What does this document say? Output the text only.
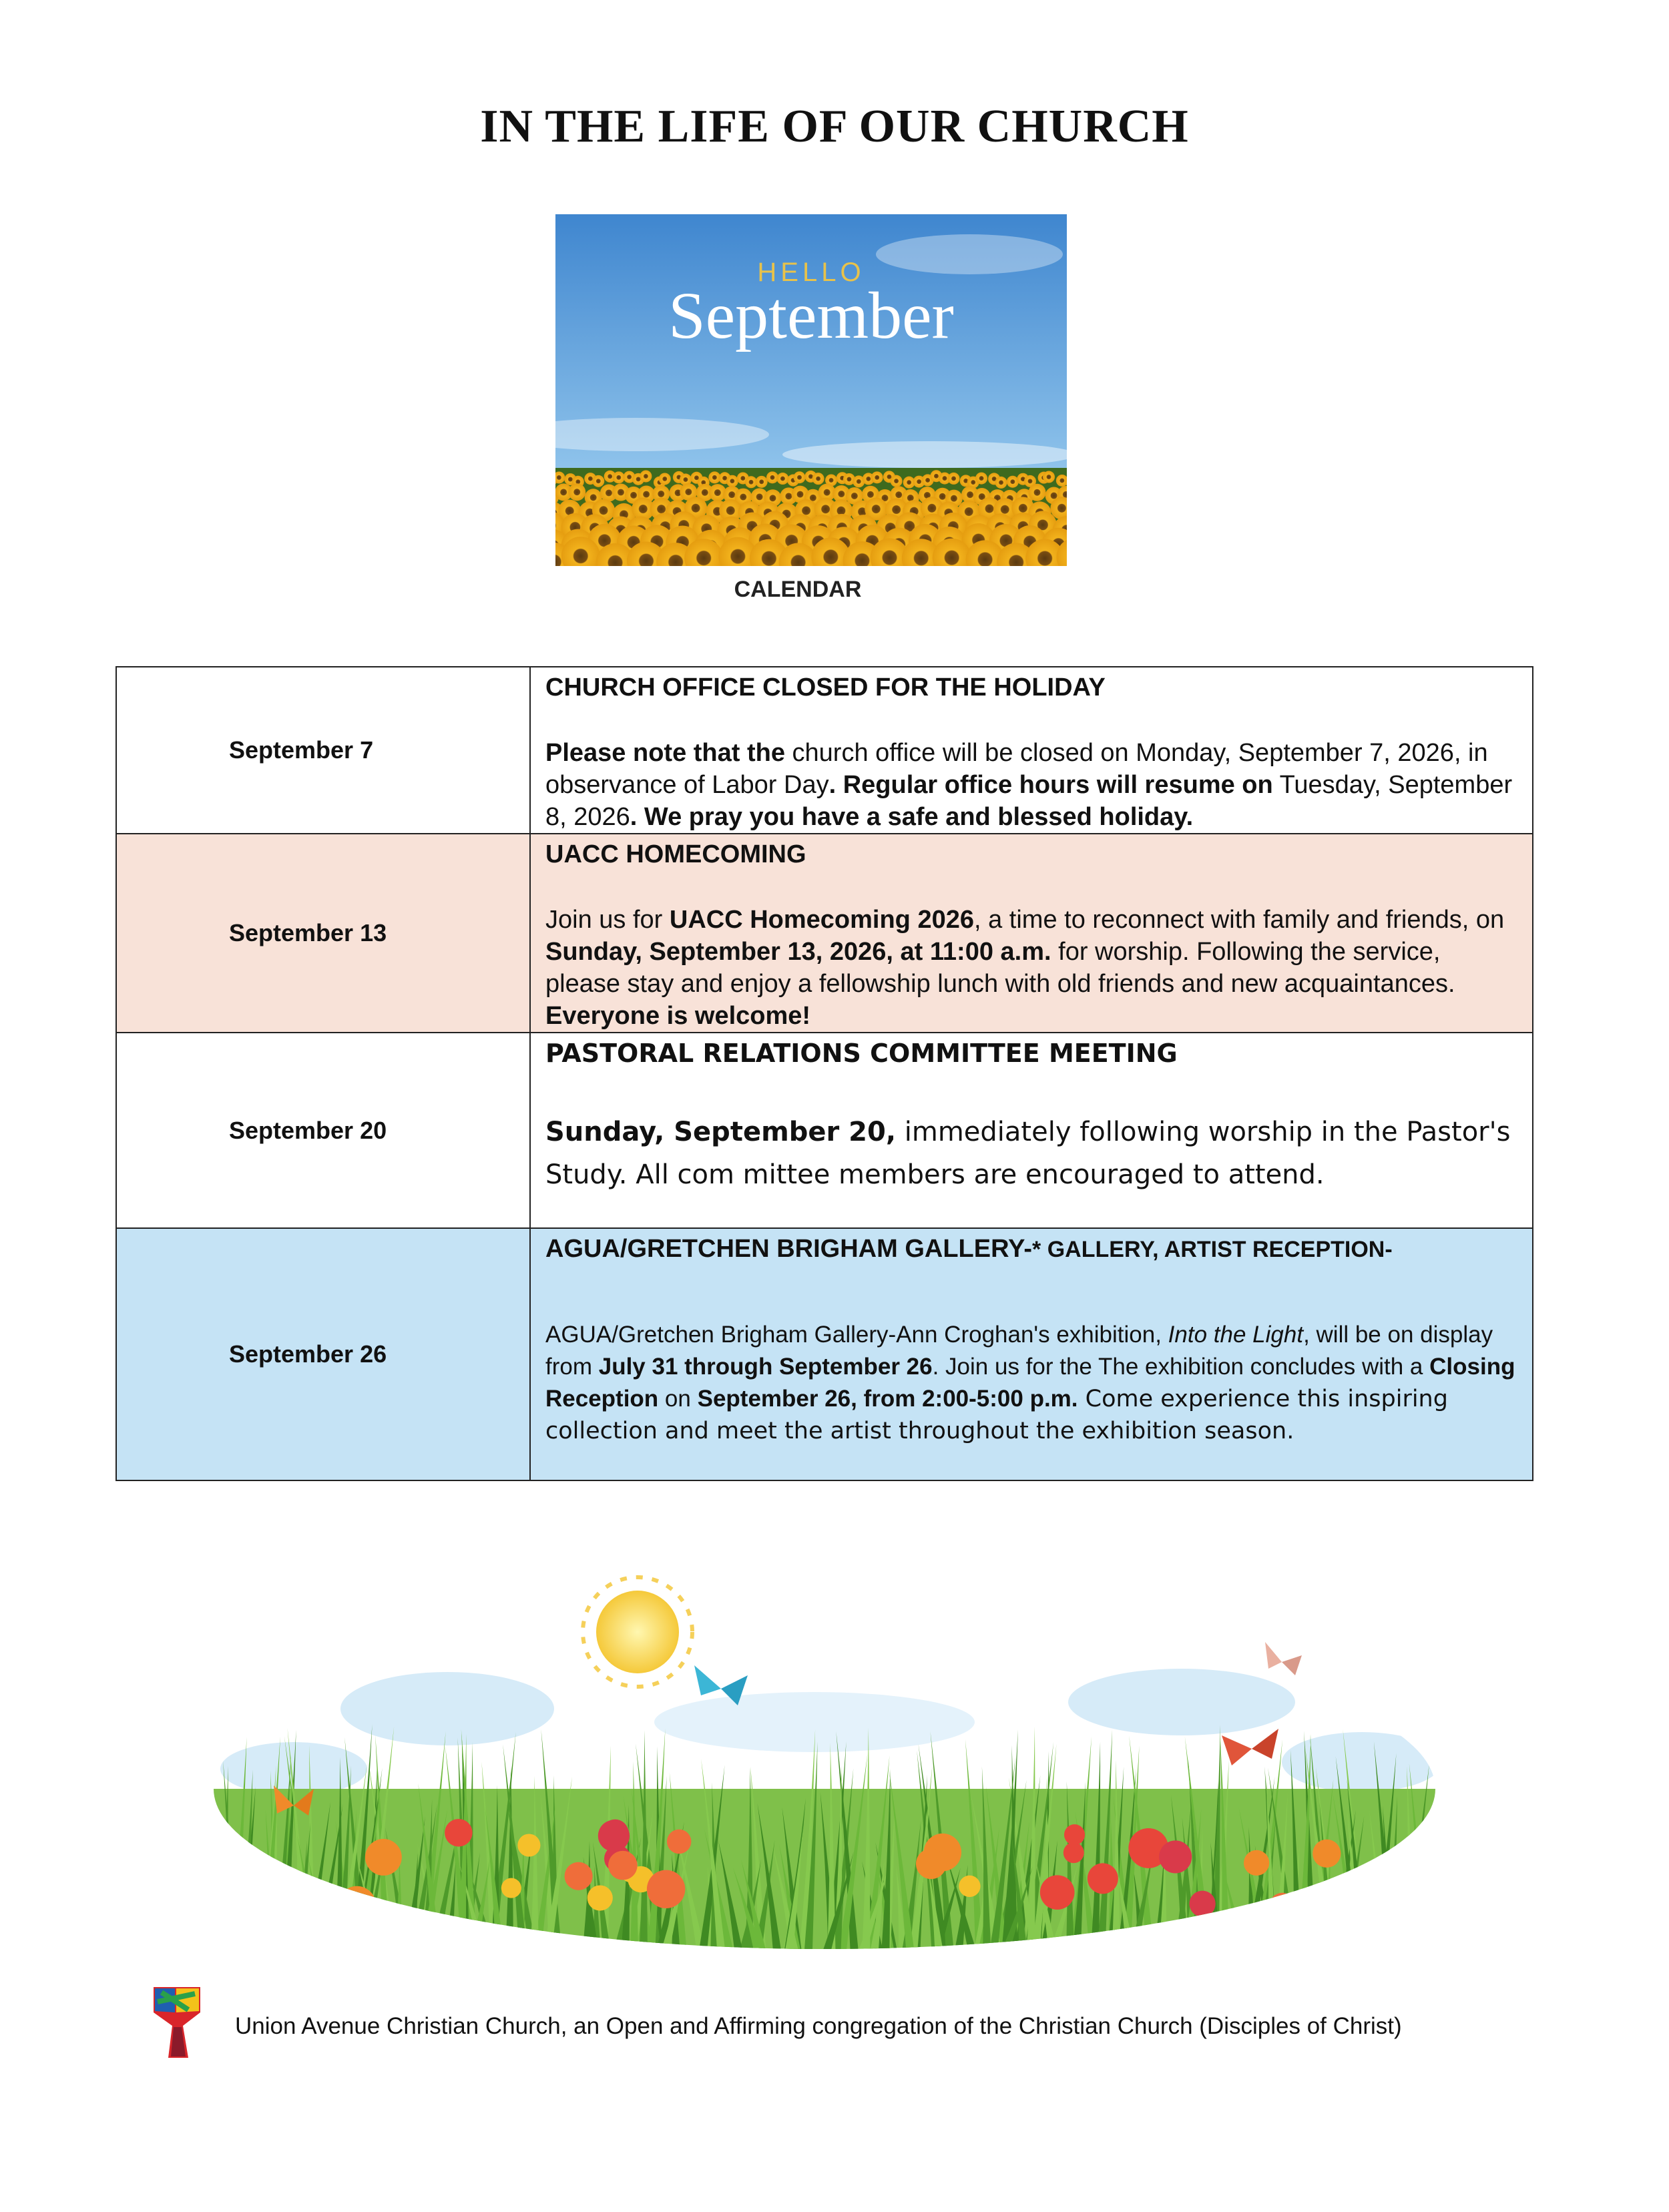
IN THE LIFE OF OUR CHURCH
HELLO
September
CALENDAR
September 7	CHURCH OFFICE CLOSED FOR THE HOLIDAY

Please note that the church office will be closed on Monday, September 7, 2026, in observance of Labor Day. Regular office hours will resume on Tuesday, September 8, 2026. We pray you have a safe and blessed holiday.

September 13	UACC HOMECOMING

Join us for UACC Homecoming 2026, a time to reconnect with family and friends, on Sunday, September 13, 2026, at 11:00 a.m. for worship. Following the service, please stay and enjoy a fellowship lunch with old friends and new acquaintances. Everyone is welcome!

September 20	PASTORAL RELATIONS COMMITTEE MEETING

Sunday, September 20, immediately following worship in the Pastor's Study. All com mittee members are encouraged to attend.

September 26	AGUA/GRETCHEN BRIGHAM GALLERY-* GALLERY, ARTIST RECEPTION-

AGUA/Gretchen Brigham Gallery-Ann Croghan's exhibition, Into the Light, will be on display from July 31 through September 26. Join us for the The exhibition concludes with a Closing Reception on September 26, from 2:00-5:00 p.m. Come experience this inspiring collection and meet the artist throughout the exhibition season.

Union Avenue Christian Church, an Open and Affirming congregation of the Christian Church (Disciples of Christ)
